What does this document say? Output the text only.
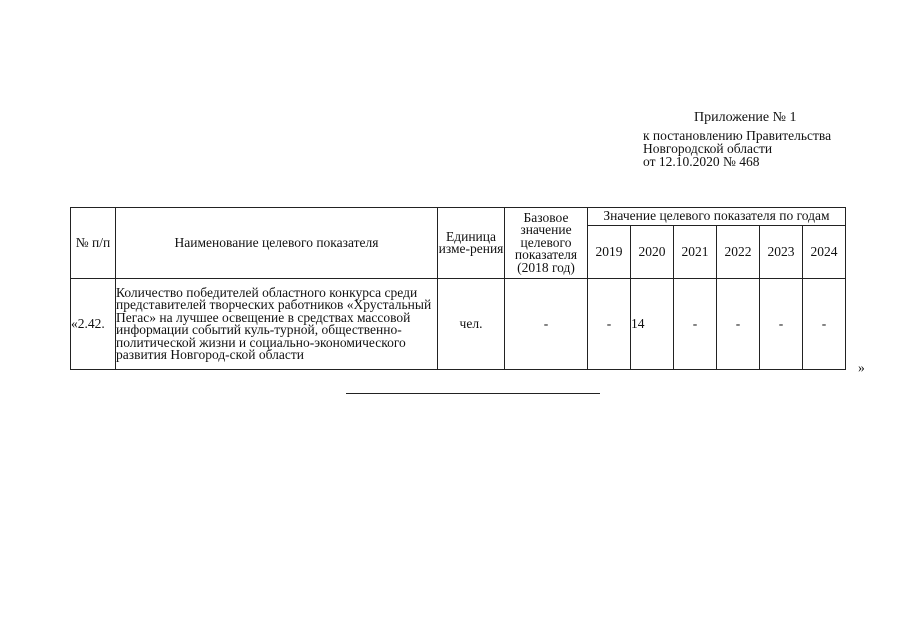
Приложение № 1
к постановлению Правительства
Новгородской области
от 12.10.2020 № 468
№ п/п	Наименование целевого показателя	Единица изме-рения	Базовое значение целевого показателя (2018 год)	Значение целевого показателя по годам					
				2019	2020	2021	2022	2023	2024
«2.42.	Количество победителей областного конкурса среди представителей творческих работников «Хрустальный Пегас» на лучшее освещение в средствах массовой информации событий куль-турной, общественно-политической жизни и социально-экономического развития Новгород-ской области	чел.	-	-	14	-	-	-	-
»
